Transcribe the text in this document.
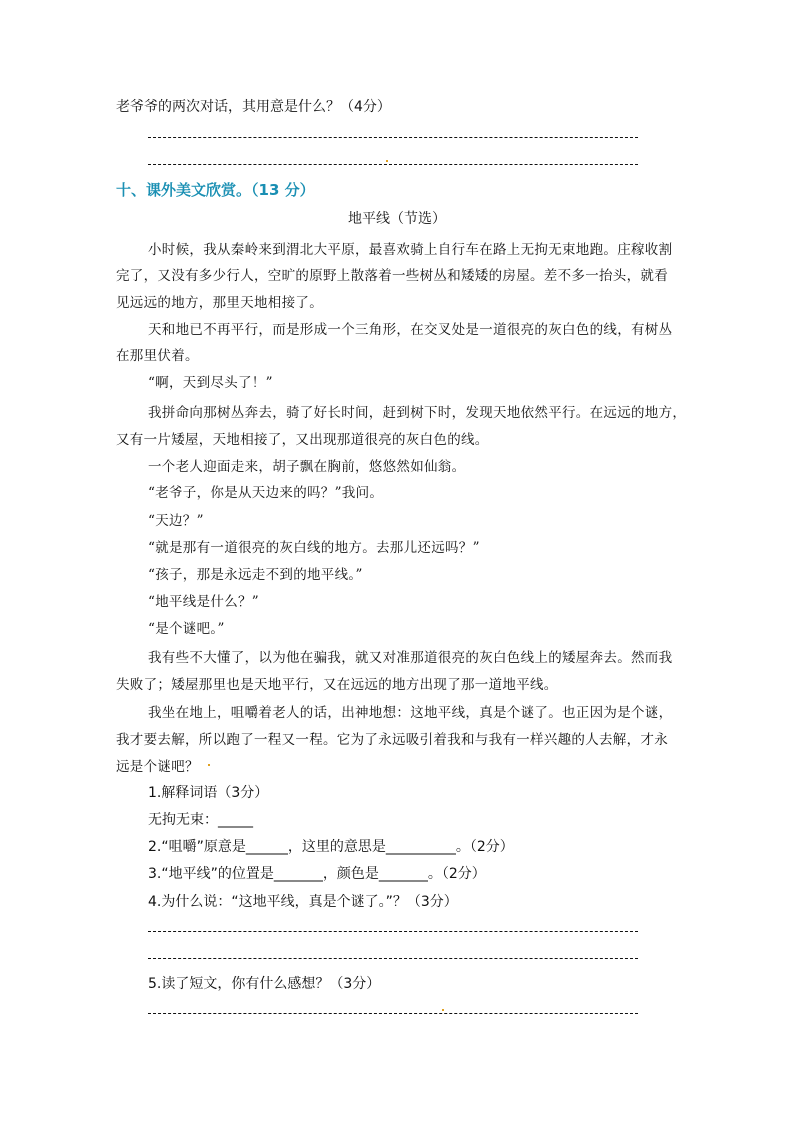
老爷爷的两次对话，其用意是什么？（4分）
十、课外美文欣赏。（13 分）
地平线（节选）
小时候，我从秦岭来到渭北大平原，最喜欢骑上自行车在路上无拘无束地跑。庄稼收割
完了，又没有多少行人，空旷的原野上散落着一些树丛和矮矮的房屋。差不多一抬头，就看
见远远的地方，那里天地相接了。
天和地已不再平行，而是形成一个三角形，在交叉处是一道很亮的灰白色的线，有树丛
在那里伏着。
“啊，天到尽头了！”
我拼命向那树丛奔去，骑了好长时间，赶到树下时，发现天地依然平行。在远远的地方，
又有一片矮屋，天地相接了，又出现那道很亮的灰白色的线。
一个老人迎面走来，胡子飘在胸前，悠悠然如仙翁。
“老爷子，你是从天边来的吗？”我问。
“天边？”
“就是那有一道很亮的灰白线的地方。去那儿还远吗？”
“孩子，那是永远走不到的地平线。”
“地平线是什么？”
“是个谜吧。”
我有些不大懂了，以为他在骗我，就又对准那道很亮的灰白色线上的矮屋奔去。然而我
失败了；矮屋那里也是天地平行，又在远远的地方出现了那一道地平线。
我坐在地上，咀嚼着老人的话，出神地想：这地平线，真是个谜了。也正因为是个谜，
我才要去解，所以跑了一程又一程。它为了永远吸引着我和与我有一样兴趣的人去解，才永
远是个谜吧？
1.解释词语（3分）
无拘无束：_____
2.“咀嚼”原意是______，这里的意思是__________。（2分）
3.“地平线”的位置是_______，颜色是_______。（2分）
4.为什么说：“这地平线，真是个谜了。”？（3分）
5.读了短文，你有什么感想？（3分）
